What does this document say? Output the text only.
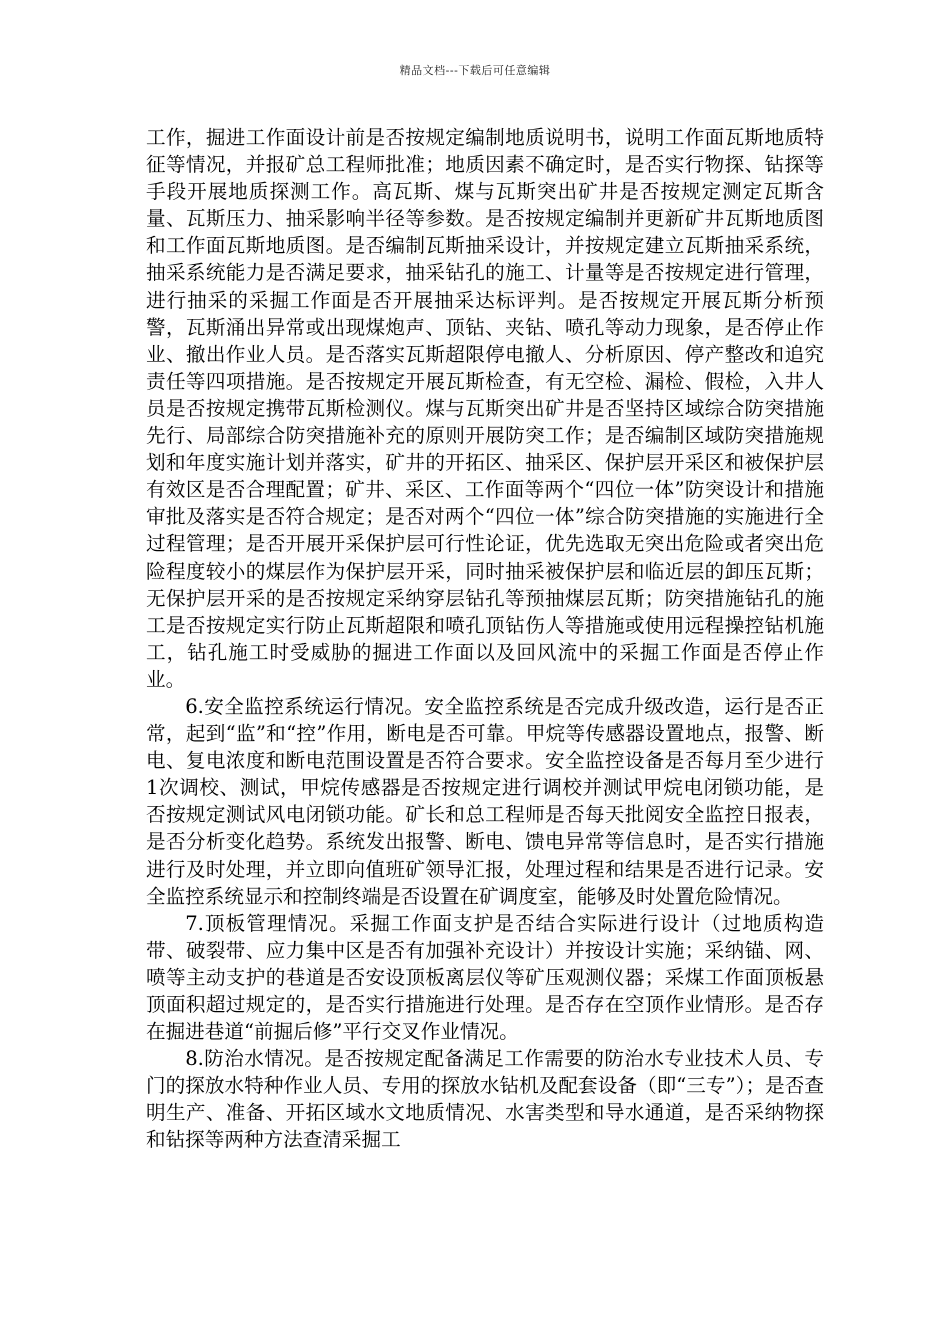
精品文档---下载后可任意编辑

工作，掘进工作面设计前是否按规定编制地质说明书，说明工作面瓦斯地质特征等情况，并报矿总工程师批准；地质因素不确定时，是否实行物探、钻探等手段开展地质探测工作。高瓦斯、煤与瓦斯突出矿井是否按规定测定瓦斯含量、瓦斯压力、抽采影响半径等参数。是否按规定编制并更新矿井瓦斯地质图和工作面瓦斯地质图。是否编制瓦斯抽采设计，并按规定建立瓦斯抽采系统，抽采系统能力是否满足要求，抽采钻孔的施工、计量等是否按规定进行管理，进行抽采的采掘工作面是否开展抽采达标评判。是否按规定开展瓦斯分析预警，瓦斯涌出异常或出现煤炮声、顶钻、夹钻、喷孔等动力现象，是否停止作业、撤出作业人员。是否落实瓦斯超限停电撤人、分析原因、停产整改和追究责任等四项措施。是否按规定开展瓦斯检查，有无空检、漏检、假检，入井人员是否按规定携带瓦斯检测仪。煤与瓦斯突出矿井是否坚持区域综合防突措施先行、局部综合防突措施补充的原则开展防突工作；是否编制区域防突措施规划和年度实施计划并落实，矿井的开拓区、抽采区、保护层开采区和被保护层有效区是否合理配置；矿井、采区、工作面等两个“四位一体”防突设计和措施审批及落实是否符合规定；是否对两个“四位一体”综合防突措施的实施进行全过程管理；是否开展开采保护层可行性论证，优先选取无突出危险或者突出危险程度较小的煤层作为保护层开采，同时抽采被保护层和临近层的卸压瓦斯；无保护层开采的是否按规定采纳穿层钻孔等预抽煤层瓦斯；防突措施钻孔的施工是否按规定实行防止瓦斯超限和喷孔顶钻伤人等措施或使用远程操控钻机施工，钻孔施工时受威胁的掘进工作面以及回风流中的采掘工作面是否停止作业。

6.安全监控系统运行情况。安全监控系统是否完成升级改造，运行是否正常，起到“监”和“控”作用，断电是否可靠。甲烷等传感器设置地点，报警、断电、复电浓度和断电范围设置是否符合要求。安全监控设备是否每月至少进行1次调校、测试，甲烷传感器是否按规定进行调校并测试甲烷电闭锁功能，是否按规定测试风电闭锁功能。矿长和总工程师是否每天批阅安全监控日报表，是否分析变化趋势。系统发出报警、断电、馈电异常等信息时，是否实行措施进行及时处理，并立即向值班矿领导汇报，处理过程和结果是否进行记录。安全监控系统显示和控制终端是否设置在矿调度室，能够及时处置危险情况。

7.顶板管理情况。采掘工作面支护是否结合实际进行设计（过地质构造带、破裂带、应力集中区是否有加强补充设计）并按设计实施；采纳锚、网、喷等主动支护的巷道是否安设顶板离层仪等矿压观测仪器；采煤工作面顶板悬顶面积超过规定的，是否实行措施进行处理。是否存在空顶作业情形。是否存在掘进巷道“前掘后修”平行交叉作业情况。

8.防治水情况。是否按规定配备满足工作需要的防治水专业技术人员、专门的探放水特种作业人员、专用的探放水钻机及配套设备（即“三专”）；是否查明生产、准备、开拓区域水文地质情况、水害类型和导水通道，是否采纳物探和钻探等两种方法查清采掘工
